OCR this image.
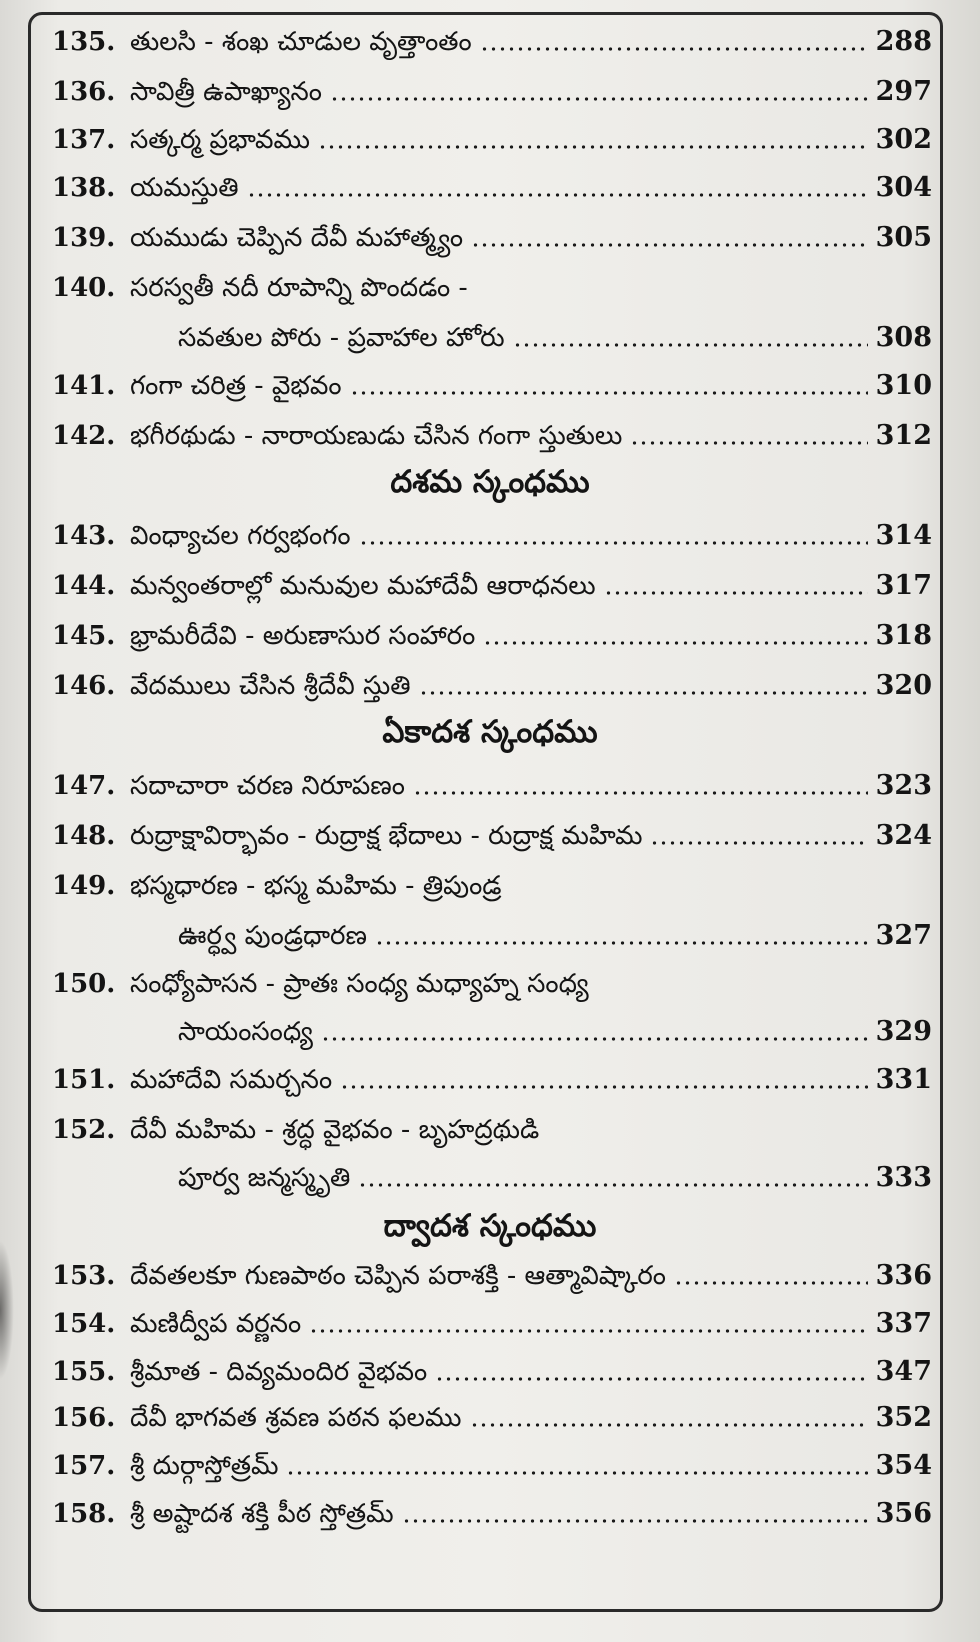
135. తులసి - శంఖ చూడుల వృత్తాంతం	288
136. సావిత్రీ ఉపాఖ్యానం	297
137. సత్కర్మ ప్రభావము	302
138. యమస్తుతి	304
139. యముడు చెప్పిన దేవీ మహాత్మ్యం	305
140. సరస్వతీ నదీ రూపాన్ని పొందడం -
సవతుల పోరు - ప్రవాహాల హోరు	308
141. గంగా చరిత్ర - వైభవం	310
142. భగీరథుడు - నారాయణుడు చేసిన గంగా స్తుతులు	312
143. వింధ్యాచల గర్వభంగం	314
144. మన్వంతరాల్లో మనువుల మహాదేవీ ఆరాధనలు	317
145. భ్రామరీదేవి - అరుణాసుర సంహారం	318
146. వేదములు చేసిన శ్రీదేవీ స్తుతి	320
147. సదాచారా చరణ నిరూపణం	323
148. రుద్రాక్షావిర్భావం - రుద్రాక్ష భేదాలు - రుద్రాక్ష మహిమ	324
149. భస్మధారణ - భస్మ మహిమ - త్రిపుండ్ర
ఊర్ధ్వ పుండ్రధారణ	327
150. సంధ్యోపాసన - ప్రాతః సంధ్య మధ్యాహ్న సంధ్య
సాయంసంధ్య	329
151. మహాదేవి సమర్చనం	331
152. దేవీ మహిమ - శ్రద్ధ వైభవం - బృహద్రథుడి
పూర్వ జన్మస్మృతి	333
153. దేవతలకూ గుణపాఠం చెప్పిన పరాశక్తి - ఆత్మావిష్కారం	336
154. మణిద్వీప వర్ణనం	337
155. శ్రీమాత - దివ్యమందిర వైభవం	347
156. దేవీ భాగవత శ్రవణ పఠన ఫలము	352
157. శ్రీ దుర్గాస్తోత్రమ్	354
158. శ్రీ అష్టాదశ శక్తి పీఠ స్తోత్రమ్	356
దశమ స్కంధము
ఏకాదశ స్కంధము
ద్వాదశ స్కంధము
